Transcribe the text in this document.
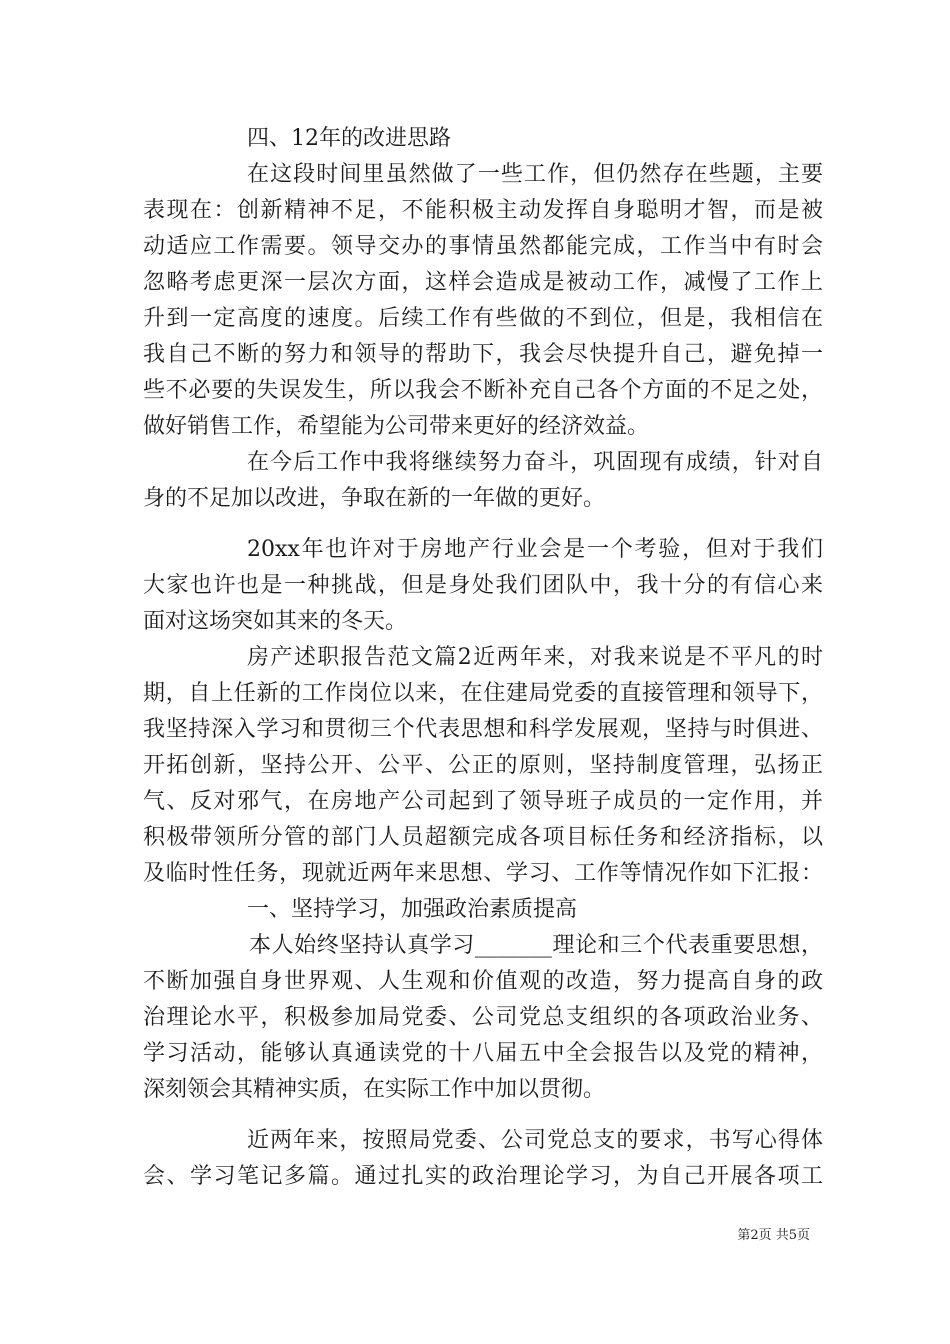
四、12年的改进思路
在这段时间里虽然做了一些工作，但仍然存在些题，主要
表现在：创新精神不足，不能积极主动发挥自身聪明才智，而是被
动适应工作需要。领导交办的事情虽然都能完成，工作当中有时会
忽略考虑更深一层次方面，这样会造成是被动工作，减慢了工作上
升到一定高度的速度。后续工作有些做的不到位，但是，我相信在
我自己不断的努力和领导的帮助下，我会尽快提升自己，避免掉一
些不必要的失误发生，所以我会不断补充自己各个方面的不足之处，
做好销售工作，希望能为公司带来更好的经济效益。
在今后工作中我将继续努力奋斗，巩固现有成绩，针对自
身的不足加以改进，争取在新的一年做的更好。
20xx年也许对于房地产行业会是一个考验，但对于我们
大家也许也是一种挑战，但是身处我们团队中，我十分的有信心来
面对这场突如其来的冬天。
房产述职报告范文篇2近两年来，对我来说是不平凡的时
期，自上任新的工作岗位以来，在住建局党委的直接管理和领导下，
我坚持深入学习和贯彻三个代表思想和科学发展观，坚持与时俱进、
开拓创新，坚持公开、公平、公正的原则，坚持制度管理，弘扬正
气、反对邪气，在房地产公司起到了领导班子成员的一定作用，并
积极带领所分管的部门人员超额完成各项目标任务和经济指标，以
及临时性任务，现就近两年来思想、学习、工作等情况作如下汇报：
一、坚持学习，加强政治素质提高
本人始终坚持认真学习_______理论和三个代表重要思想，
不断加强自身世界观、人生观和价值观的改造，努力提高自身的政
治理论水平，积极参加局党委、公司党总支组织的各项政治业务、
学习活动，能够认真通读党的十八届五中全会报告以及党的精神，
深刻领会其精神实质，在实际工作中加以贯彻。
近两年来，按照局党委、公司党总支的要求，书写心得体
会、学习笔记多篇。通过扎实的政治理论学习，为自己开展各项工
第2页 共5页
